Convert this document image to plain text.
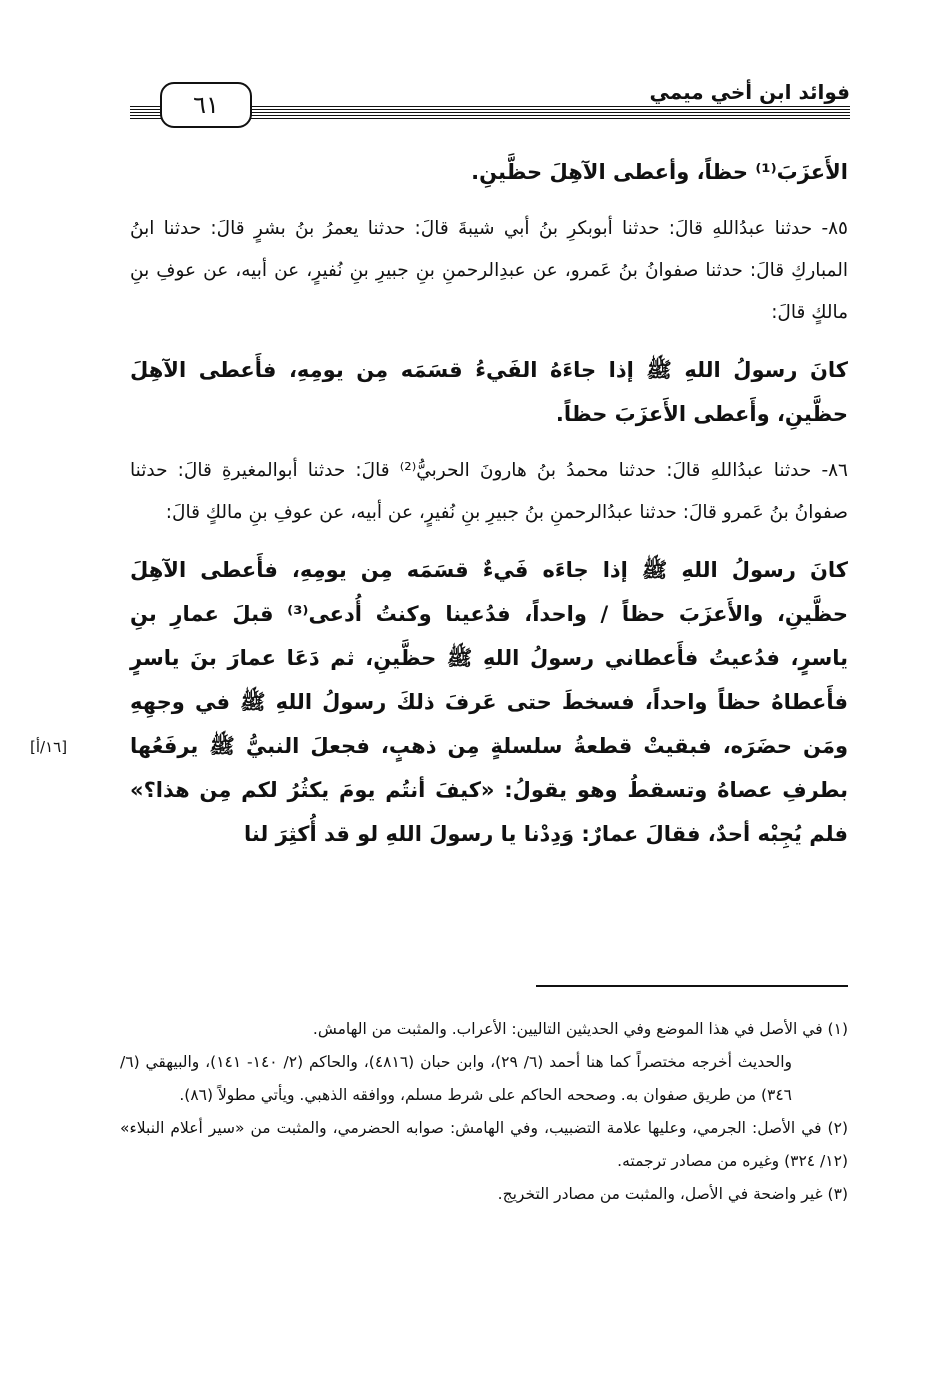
٦١	فوائد ابن أخي ميمي

الأَعزَبَ⁽¹⁾ حظاً، وأعطى الآهِلَ حظَّينِ.

٨٥- حدثنا عبدُاللهِ قالَ: حدثنا أبوبكرِ بنُ أبي شيبةَ قالَ: حدثنا يعمرُ بنُ بشرٍ قالَ: حدثنا ابنُ المباركِ قالَ: حدثنا صفوانُ بنُ عَمرو، عن عبدِالرحمنِ بنِ جبيرِ بنِ نُفيرٍ، عن أبيه، عن عوفِ بنِ مالكٍ قالَ:

كانَ رسولُ اللهِ ﷺ إذا جاءَهُ الفَيءُ قسَمَه مِن يومِهِ، فأَعطى الآهِلَ حظَّينِ، وأَعطى الأَعزَبَ حظاً.

٨٦- حدثنا عبدُاللهِ قالَ: حدثنا محمدُ بنُ هارونَ الحربيُّ⁽²⁾ قالَ: حدثنا أبوالمغيرةِ قالَ: حدثنا صفوانُ بنُ عَمرو قالَ: حدثنا عبدُالرحمنِ بنُ جبيرِ بنِ نُفيرٍ، عن أبيه، عن عوفِ بنِ مالكٍ قالَ:

كانَ رسولُ اللهِ ﷺ إذا جاءَه فَيءٌ قسَمَه مِن يومِهِ، فأَعطى الآهِلَ حظَّينِ، والأَعزَبَ حظاً / واحداً، فدُعينا وكنتُ أُدعى⁽³⁾ قبلَ عمارِ بنِ ياسرٍ، فدُعيتُ فأَعطاني رسولُ اللهِ ﷺ حظَّينِ، ثم دَعَا عمارَ بنَ ياسرٍ فأَعطاهُ حظاً واحداً، فسخطَ حتى عَرفَ ذلكَ رسولُ اللهِ ﷺ في وجهِهِ ومَن حضَرَه، فبقيتْ قطعةُ سلسلةٍ مِن ذهبٍ، فجعلَ النبيُّ ﷺ يرفَعُها بطرفِ عصاهُ وتسقطُ وهو يقولُ: «كيفَ أنتُم يومَ يكثُرُ لكم مِن هذا؟» فلم يُجِبْه أحدٌ، فقالَ عمارٌ: وَدِدْنا يا رسولَ اللهِ لو قد أُكثِرَ لنا

[١٦/أ]

(١) في الأصل في هذا الموضع وفي الحديثين التاليين: الأعراب. والمثبت من الهامش.

والحديث أخرجه مختصراً كما هنا أحمد (٦/ ٢٩)، وابن حبان (٤٨١٦)، والحاكم (٢/ ١٤٠- ١٤١)، والبيهقي (٦/ ٣٤٦) من طريق صفوان به. وصححه الحاكم على شرط مسلم، ووافقه الذهبي. ويأتي مطولاً (٨٦).

(٢) في الأصل: الجرمي، وعليها علامة التضبيب، وفي الهامش: صوابه الحضرمي، والمثبت من «سير أعلام النبلاء» (١٢/ ٣٢٤) وغيره من مصادر ترجمته.

(٣) غير واضحة في الأصل، والمثبت من مصادر التخريج.
